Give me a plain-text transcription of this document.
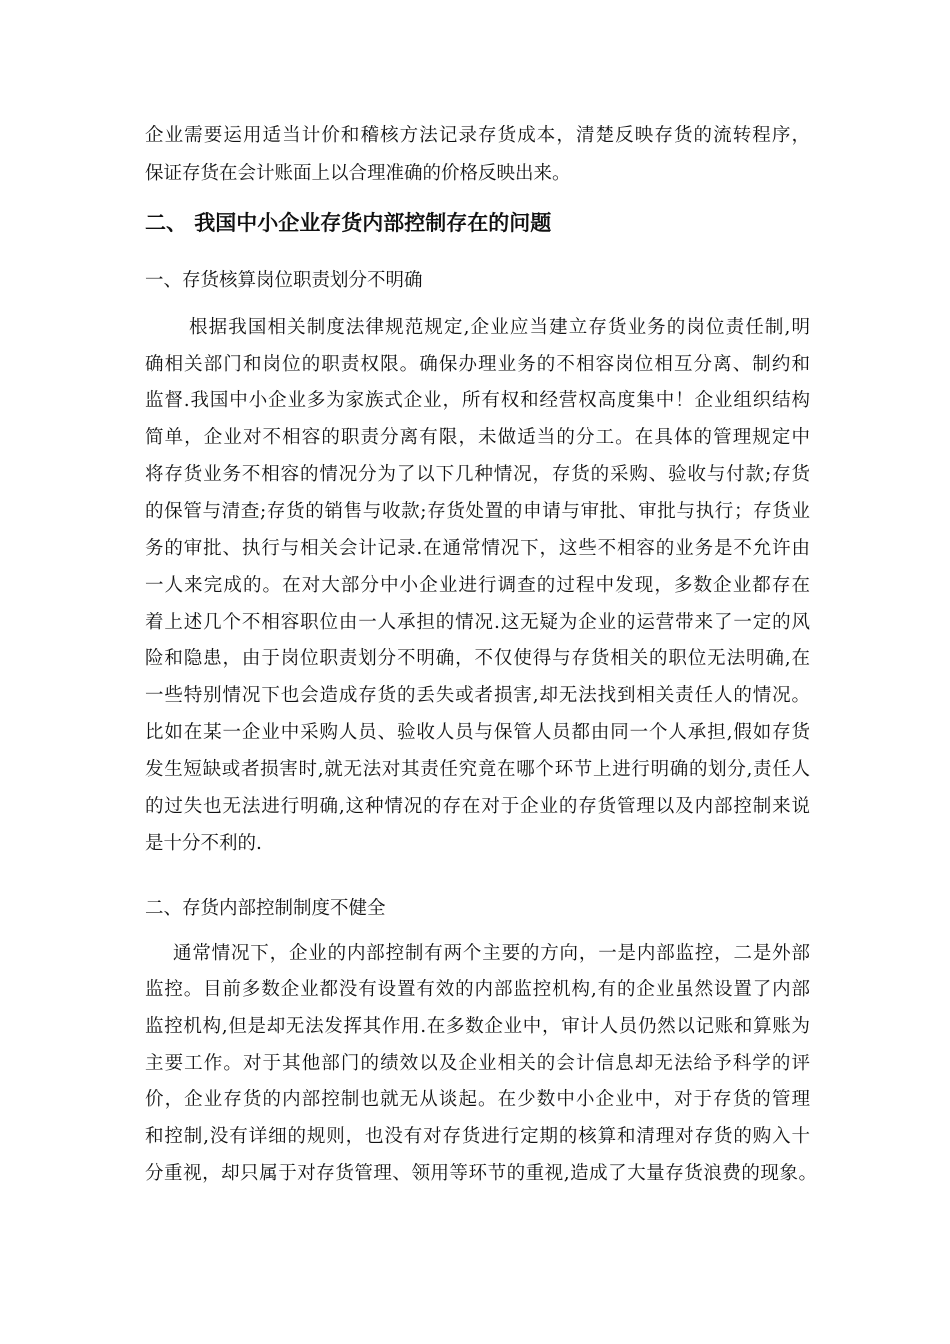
企业需要运用适当计价和稽核方法记录存货成本，清楚反映存货的流转程序，
保证存货在会计账面上以合理准确的价格反映出来。
二、 我国中小企业存货内部控制存在的问题
一、存货核算岗位职责划分不明确
根据我国相关制度法律规范规定,企业应当建立存货业务的岗位责任制,明
确相关部门和岗位的职责权限。确保办理业务的不相容岗位相互分离、制约和
监督.我国中小企业多为家族式企业，所有权和经营权高度集中！企业组织结构
简单，企业对不相容的职责分离有限，未做适当的分工。在具体的管理规定中
将存货业务不相容的情况分为了以下几种情况，存货的采购、验收与付款;存货
的保管与清查;存货的销售与收款;存货处置的申请与审批、审批与执行；存货业
务的审批、执行与相关会计记录.在通常情况下，这些不相容的业务是不允许由
一人来完成的。在对大部分中小企业进行调查的过程中发现，多数企业都存在
着上述几个不相容职位由一人承担的情况.这无疑为企业的运营带来了一定的风
险和隐患，由于岗位职责划分不明确，不仅使得与存货相关的职位无法明确,在
一些特别情况下也会造成存货的丢失或者损害,却无法找到相关责任人的情况。
比如在某一企业中采购人员、验收人员与保管人员都由同一个人承担,假如存货
发生短缺或者损害时,就无法对其责任究竟在哪个环节上进行明确的划分,责任人
的过失也无法进行明确,这种情况的存在对于企业的存货管理以及内部控制来说
是十分不利的.
二、存货内部控制制度不健全
通常情况下，企业的内部控制有两个主要的方向，一是内部监控，二是外部
监控。目前多数企业都没有设置有效的内部监控机构,有的企业虽然设置了内部
监控机构,但是却无法发挥其作用.在多数企业中，审计人员仍然以记账和算账为
主要工作。对于其他部门的绩效以及企业相关的会计信息却无法给予科学的评
价，企业存货的内部控制也就无从谈起。在少数中小企业中，对于存货的管理
和控制,没有详细的规则，也没有对存货进行定期的核算和清理对存货的购入十
分重视，却只属于对存货管理、领用等环节的重视,造成了大量存货浪费的现象。
